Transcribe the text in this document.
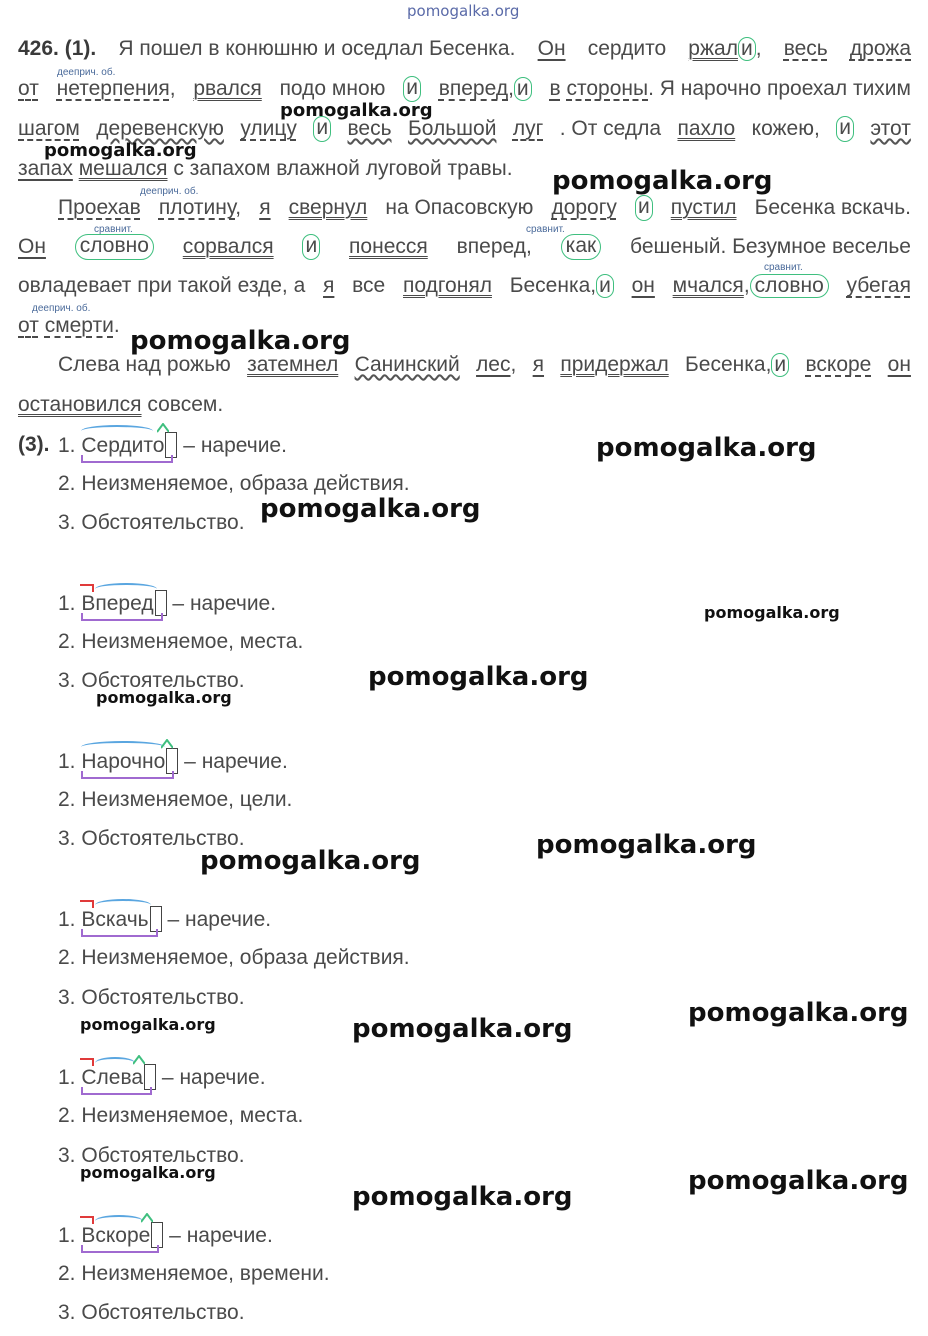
pomogalka.org
426. (1). Я пошел в конюшню и оседлал Бесенка. Он сердито ржал и , весь дрожа
дееприч. об.
от нетерпения, рвался подо мною и вперед, и в стороны. Я нарочно проехал тихим
шагом деревенскую улицу и весь Большой луг . От седла пахло кожею, и этот
запах мешался с запахом влажной луговой травы.
дееприч. об.
Проехав плотину, я свернул на Опасовскую дорогу и пустил Бесенка вскачь.
сравнит.	сравнит.
Он словно сорвался и понесся вперед, как бешеный. Безумное веселье
сравнит.
овладевает при такой езде, а я все подгонял Бесенка, и он мчался, словно убегая
дееприч. об.
от смерти.
Слева над рожью затемнел Санинский лес, я придержал Бесенка, и вскоре он
остановился совсем.
(3). 1. Сердито – наречие.
2. Неизменяемое, образа действия.
3. Обстоятельство.
1. Вперед – наречие.
2. Неизменяемое, места.
3. Обстоятельство.
1. Нарочно – наречие.
2. Неизменяемое, цели.
3. Обстоятельство.
1. Вскачь – наречие.
2. Неизменяемое, образа действия.
3. Обстоятельство.
1. Слева – наречие.
2. Неизменяемое, места.
3. Обстоятельство.
1. Вскоре – наречие.
2. Неизменяемое, времени.
3. Обстоятельство.
pomogalka.org
pomogalka.org
pomogalka.org
pomogalka.org
pomogalka.org
pomogalka.org
pomogalka.org
pomogalka.org
pomogalka.org
pomogalka.org
pomogalka.org
pomogalka.org
pomogalka.org	pomogalka.org
pomogalka.org	pomogalka.org
pomogalka.org
